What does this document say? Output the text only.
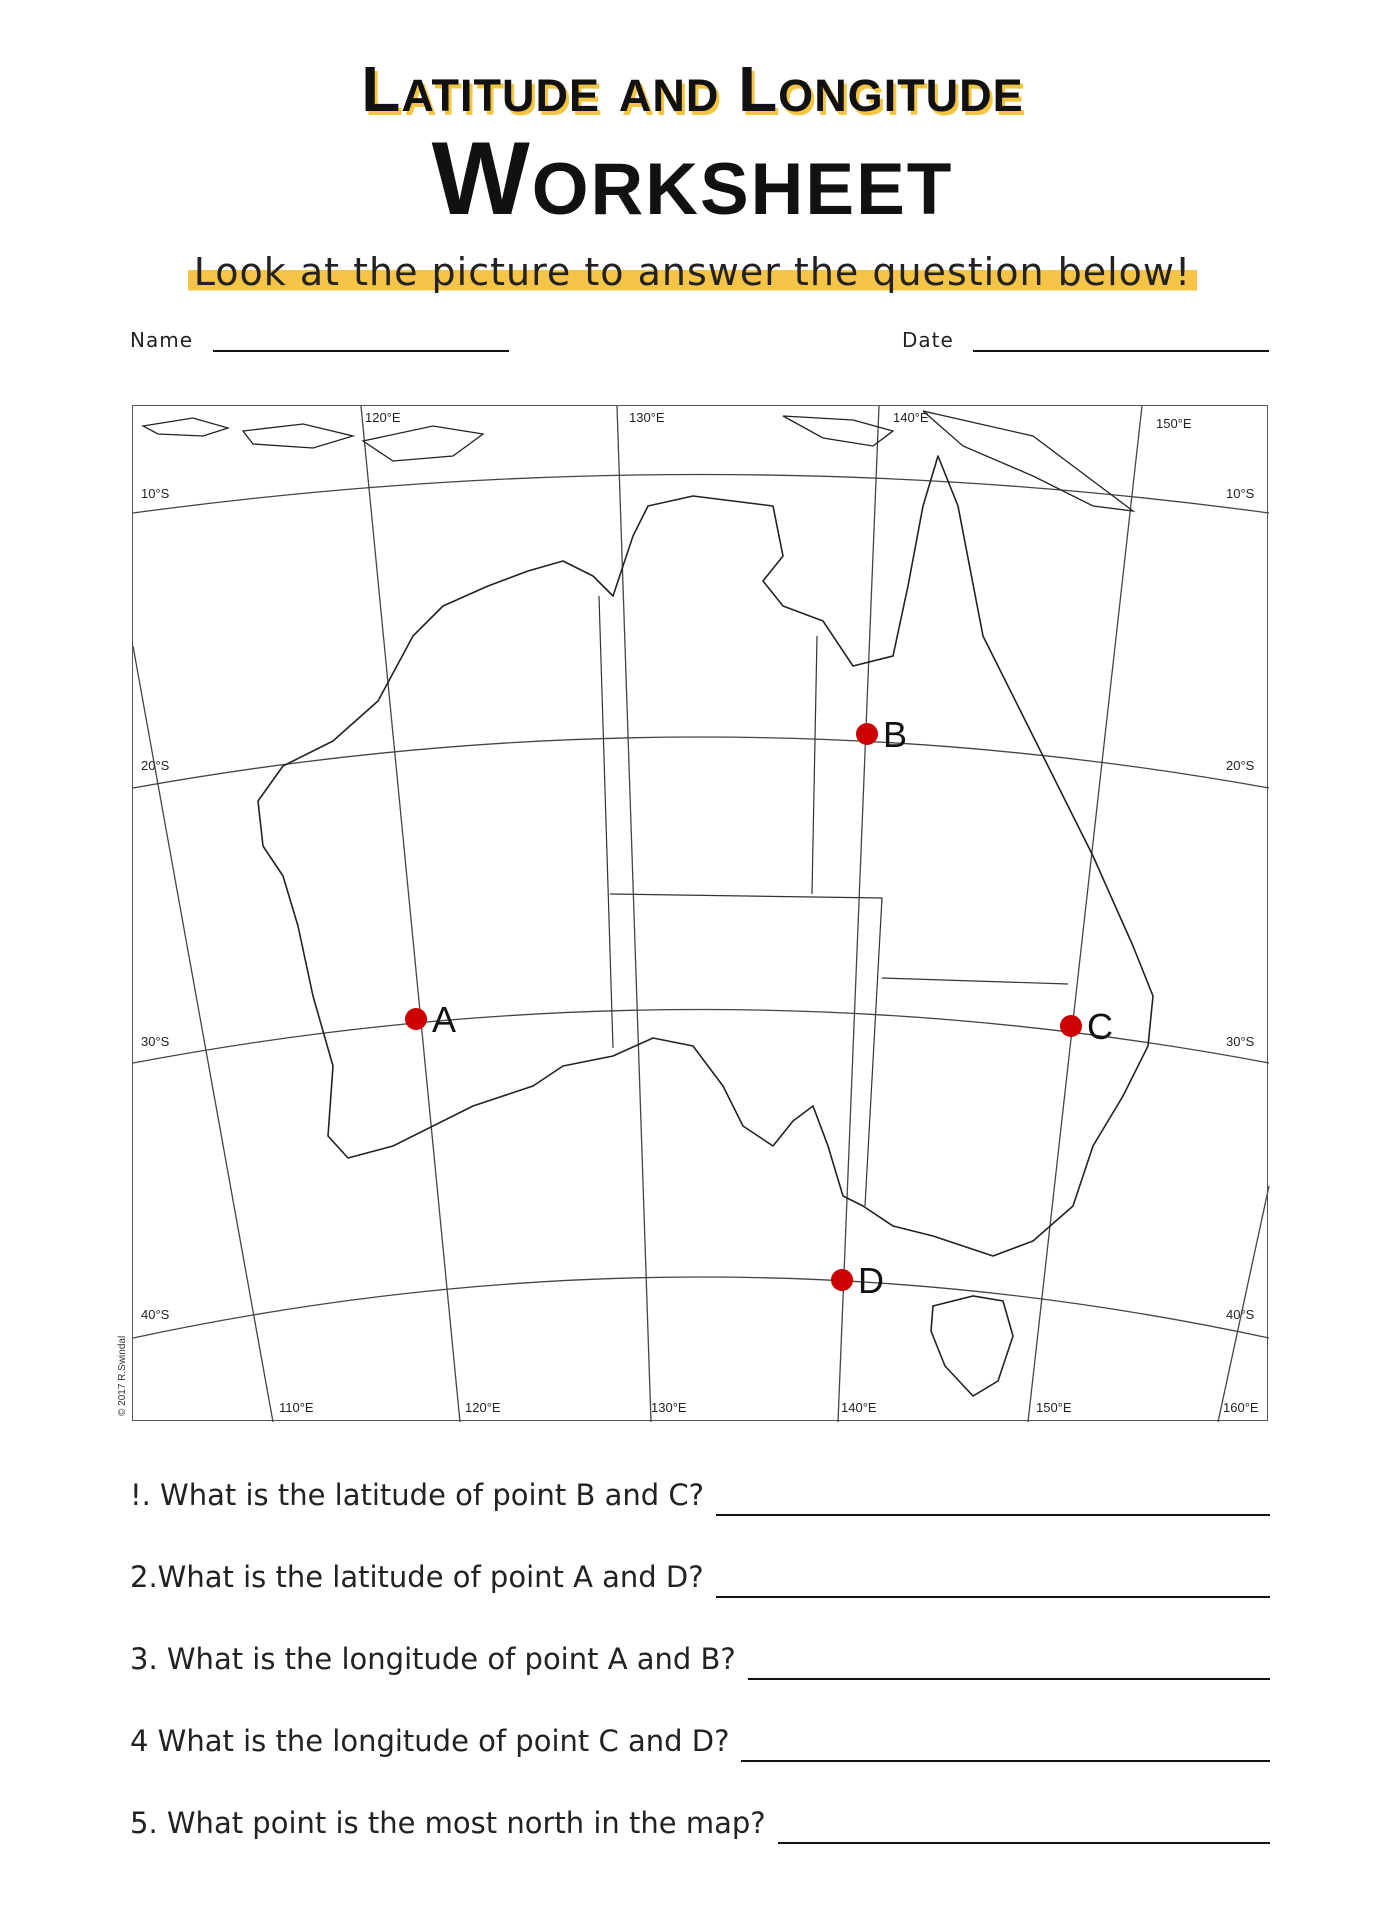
Latitude and Longitude
Worksheet
Look at the picture to answer the question below!
Name	Date
120°E	130°E	140°E	150°E
110°E	120°E	130°E	140°E	150°E	160°E
10°S
20°S
30°S
40°S
10°S
20°S
30°S
40°S
© 2017 R.Swindal
A
B
C
D
!. What is the latitude of point B and C?
2.What is the latitude of point A and D?
3. What is the longitude of point A and B?
4 What is the longitude of point C and D?
5. What point is the most north in the map?
